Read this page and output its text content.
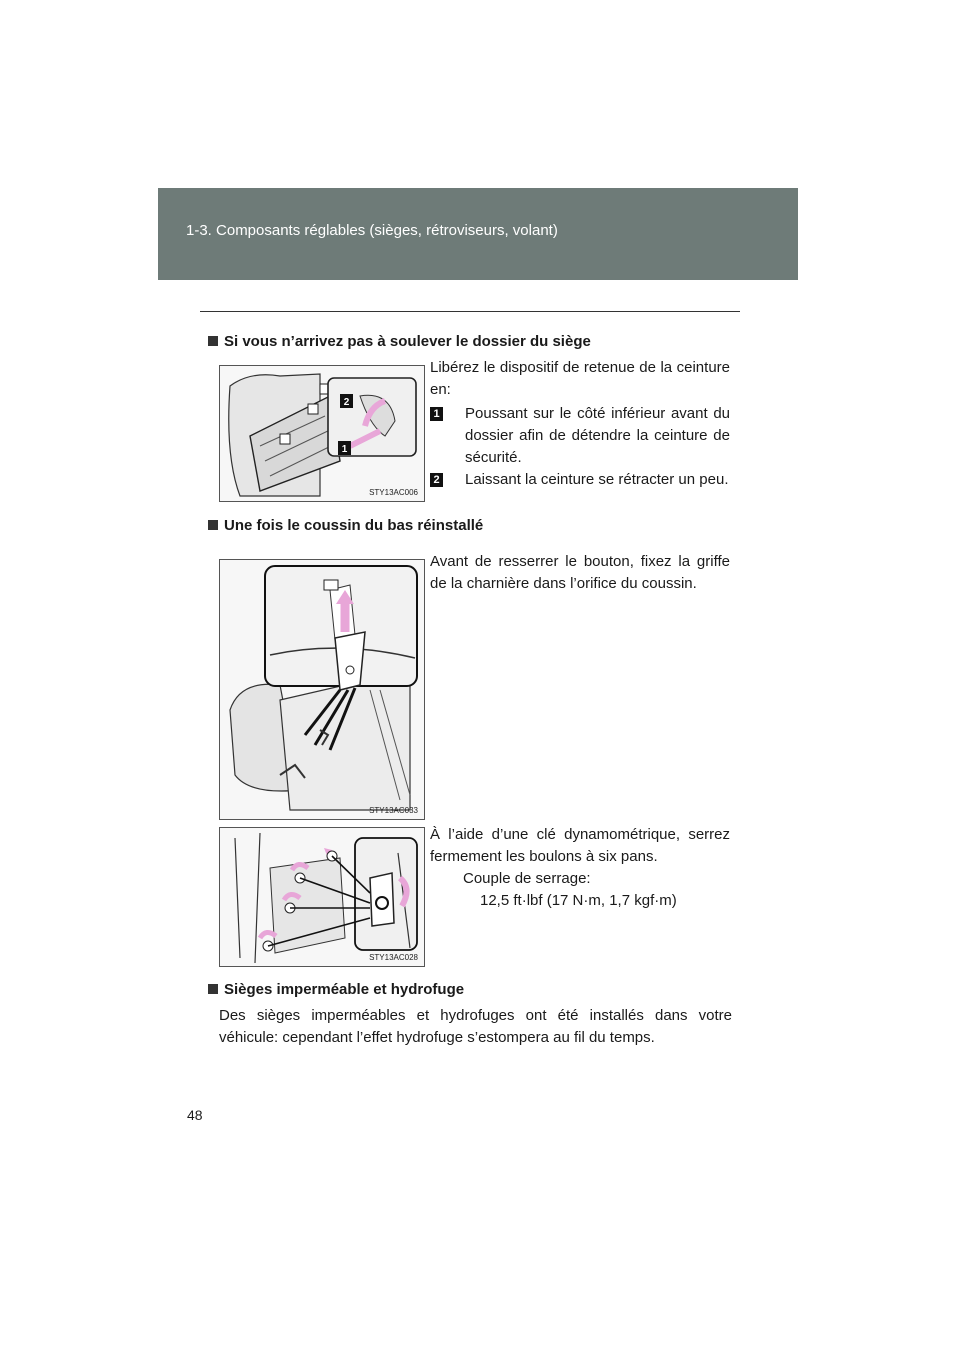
1-3. Composants réglables (sièges, rétroviseurs, volant)
Si vous n’arrivez pas à soulever le dossier du siège
2
1
STY13AC006
Libérez le dispositif de retenue de la ceinture en:
1 Poussant sur le côté inférieur avant du dossier afin de détendre la ceinture de sécurité.
2 Laissant la ceinture se rétracter un peu.
Une fois le coussin du bas réinstallé
STY13AC033
Avant de resserrer le bouton, fixez la griffe de la charnière dans l’orifice du coussin.
STY13AC028
À l’aide d’une clé dynamométrique, serrez fermement les boulons à six pans.
Couple de serrage:
12,5 ft·lbf (17 N·m, 1,7 kgf·m)
Sièges imperméable et hydrofuge
Des sièges imperméables et hydrofuges ont été installés dans votre véhicule: cependant l’effet hydrofuge s’estompera au fil du temps.
48
